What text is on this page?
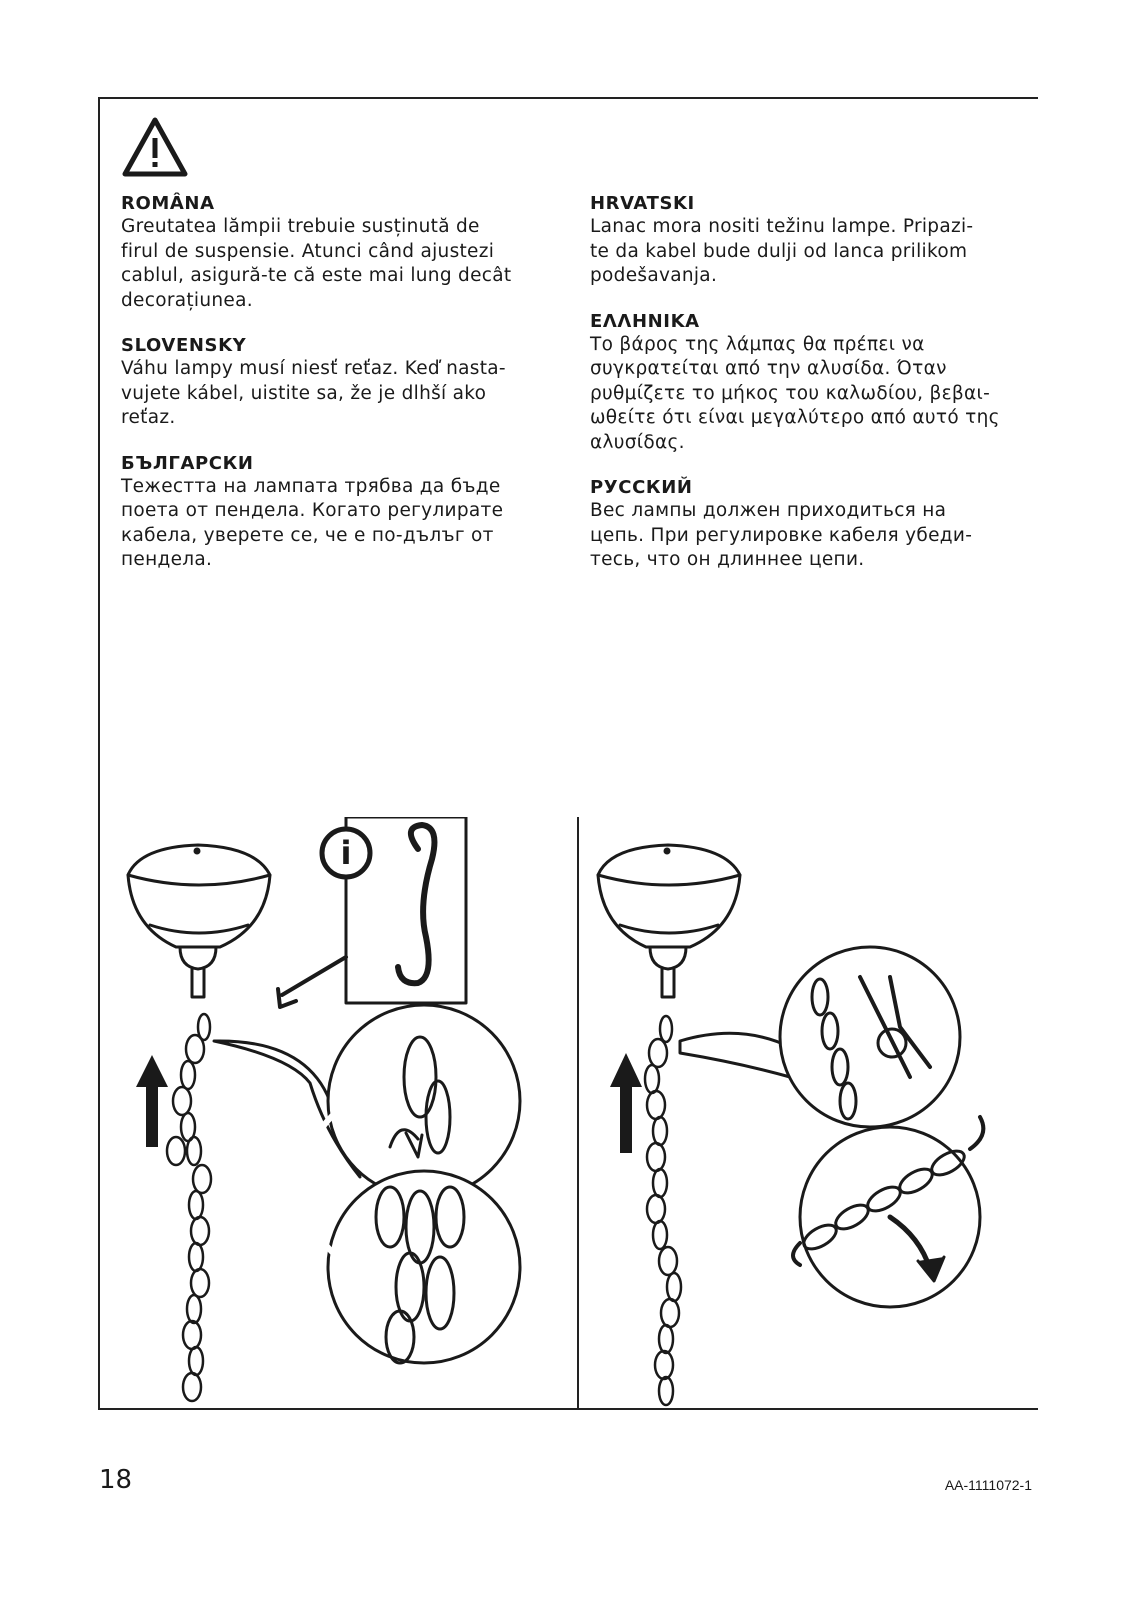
ROMÂNA

Greutatea lămpii trebuie susținută de
firul de suspensie. Atunci când ajustezi
cablul, asigură-te că este mai lung decât
decorațiunea.

SLOVENSKY

Váhu lampy musí niesť reťaz. Keď nasta-
vujete kábel, uistite sa, že je dlhší ako
reťaz.

БЪЛГАРСКИ

Тежестта на лампата трябва да бъде
поета от пендела. Когато регулирате
кабела, уверете се, че е по-дълъг от
пендела.

HRVATSKI

Lanac mora nositi težinu lampe. Pripazi-
te da kabel bude dulji od lanca prilikom
podešavanja.

ΕΛΛΗΝΙΚΑ

Το βάρος της λάμπας θα πρέπει να
συγκρατείται από την αλυσίδα. Όταν
ρυθμίζετε το μήκος του καλωδίου, βεβαι-
ωθείτε ότι είναι μεγαλύτερο από αυτό της
αλυσίδας.

РУССКИЙ

Вес лампы должен приходиться на
цепь. При регулировке кабеля убеди-
тесь, что он длиннее цепи.

i
18	AA-1111072-1
